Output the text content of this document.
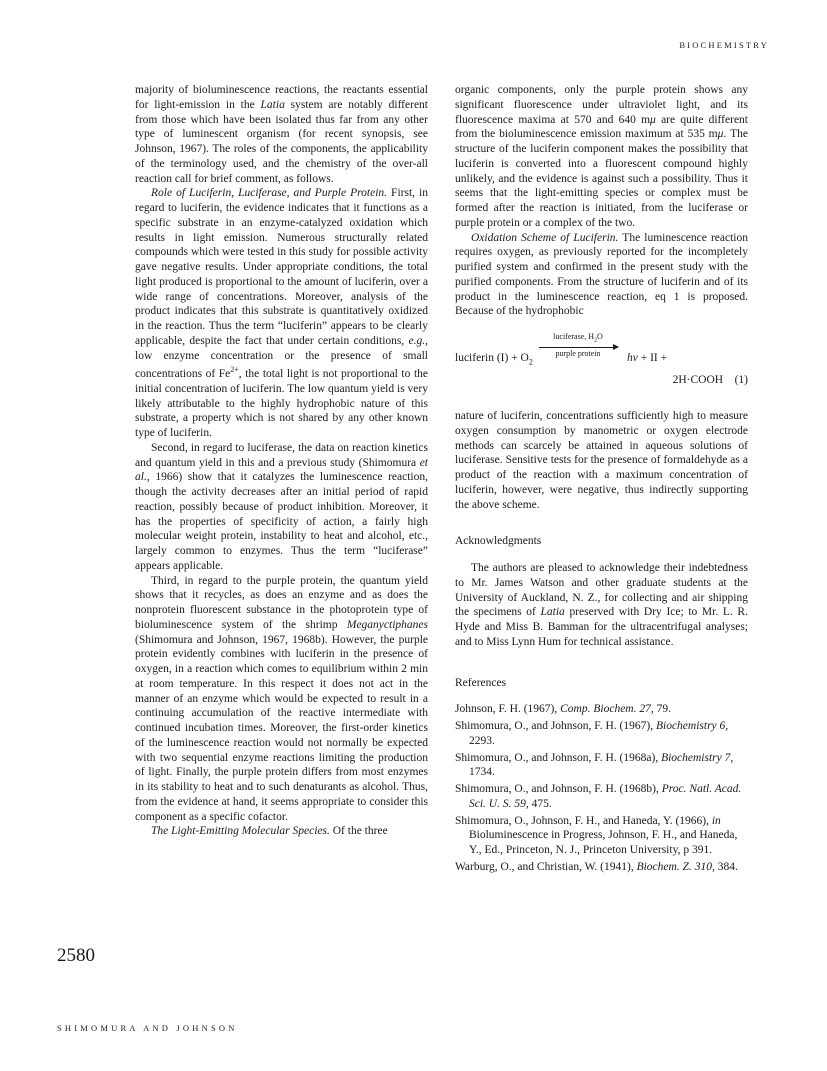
BIOCHEMISTRY

majority of bioluminescence reactions, the reactants essential for light-emission in the Latia system are notably different from those which have been isolated thus far from any other type of luminescent organism (for recent synopsis, see Johnson, 1967). The roles of the components, the applicability of the terminology used, and the chemistry of the over-all reaction call for brief comment, as follows.

Role of Luciferin, Luciferase, and Purple Protein. First, in regard to luciferin, the evidence indicates that it functions as a specific substrate in an enzyme-catalyzed oxidation which results in light emission. Numerous structurally related compounds which were tested in this study for possible activity gave negative results. Under appropriate conditions, the total light produced is proportional to the amount of luciferin, over a wide range of concentrations. Moreover, analysis of the product indicates that this substrate is quantitatively oxidized in the reaction. Thus the term “luciferin” appears to be clearly applicable, despite the fact that under certain conditions, e.g., low enzyme concentration or the presence of small concentrations of $Fe^{2+}$, the total light is not proportional to the initial concentration of luciferin. The low quantum yield is very likely attributable to the highly hydrophobic nature of this substrate, a property which is not shared by any other known type of luciferin.

Second, in regard to luciferase, the data on reaction kinetics and quantum yield in this and a previous study (Shimomura et al., 1966) show that it catalyzes the luminescence reaction, though the activity decreases after an initial period of rapid reaction, possibly because of product inhibition. Moreover, it has the properties of specificity of action, a fairly high molecular weight protein, instability to heat and alcohol, etc., largely common to enzymes. Thus the term “luciferase” appears applicable.

Third, in regard to the purple protein, the quantum yield shows that it recycles, as does an enzyme and as does the nonprotein fluorescent substance in the photoprotein type of bioluminescence system of the shrimp Meganyctiphanes (Shimomura and Johnson, 1967, 1968b). However, the purple protein evidently combines with luciferin in the presence of oxygen, in a reaction which comes to equilibrium within 2 min at room temperature. In this respect it does not act in the manner of an enzyme which would be expected to result in a continuing accumulation of the reactive intermediate with continued incubation times. Moreover, the first-order kinetics of the luminescence reaction would not normally be expected with two sequential enzyme reactions limiting the production of light. Finally, the purple protein differs from most enzymes in its stability to heat and to such denaturants as alcohol. Thus, from the evidence at hand, it seems appropriate to consider this component as a specific cofactor.

The Light-Emitting Molecular Species. Of the three

organic components, only the purple protein shows any significant fluorescence under ultraviolet light, and its fluorescence maxima at 570 and 640 mμ are quite different from the bioluminescence emission maximum at 535 mμ. The structure of the luciferin component makes the possibility that luciferin is converted into a fluorescent compound highly unlikely, and the evidence is against such a possibility. Thus it seems that the light-emitting species or complex must be formed after the reaction is initiated, from the luciferase or purple protein or a complex of the two.

Oxidation Scheme of Luciferin. The luminescence reaction requires oxygen, as previously reported for the incompletely purified system and confirmed in the present study with the purified components. From the structure of luciferin and of its product in the luminescence reaction, eq 1 is proposed. Because of the hydrophobic

luciferin $(I) + O_2$
luciferase, $H_2O$
purple protein	hν + II +
2H·COOH (1)

nature of luciferin, concentrations sufficiently high to measure oxygen consumption by manometric or oxygen electrode methods can scarcely be attained in aqueous solutions of luciferase. Sensitive tests for the presence of formaldehyde as a product of the reaction with a maximum concentration of luciferin, however, were negative, thus indirectly supporting the above scheme.

Acknowledgments

The authors are pleased to acknowledge their indebtedness to Mr. James Watson and other graduate students at the University of Auckland, N. Z., for collecting and air shipping the specimens of Latia preserved with Dry Ice; to Mr. L. R. Hyde and Miss B. Bamman for the ultracentrifugal analyses; and to Miss Lynn Hum for technical assistance.

References

Johnson, F. H. (1967), Comp. Biochem. 27, 79.

Shimomura, O., and Johnson, F. H. (1967), Biochemistry 6, 2293.

Shimomura, O., and Johnson, F. H. (1968a), Biochemistry 7, 1734.

Shimomura, O., and Johnson, F. H. (1968b), Proc. Natl. Acad. Sci. U. S. 59, 475.

Shimomura, O., Johnson, F. H., and Haneda, Y. (1966), in Bioluminescence in Progress, Johnson, F. H., and Haneda, Y., Ed., Princeton, N. J., Princeton University, p 391.

Warburg, O., and Christian, W. (1941), Biochem. Z. 310, 384.

2580
SHIMOMURA AND JOHNSON
